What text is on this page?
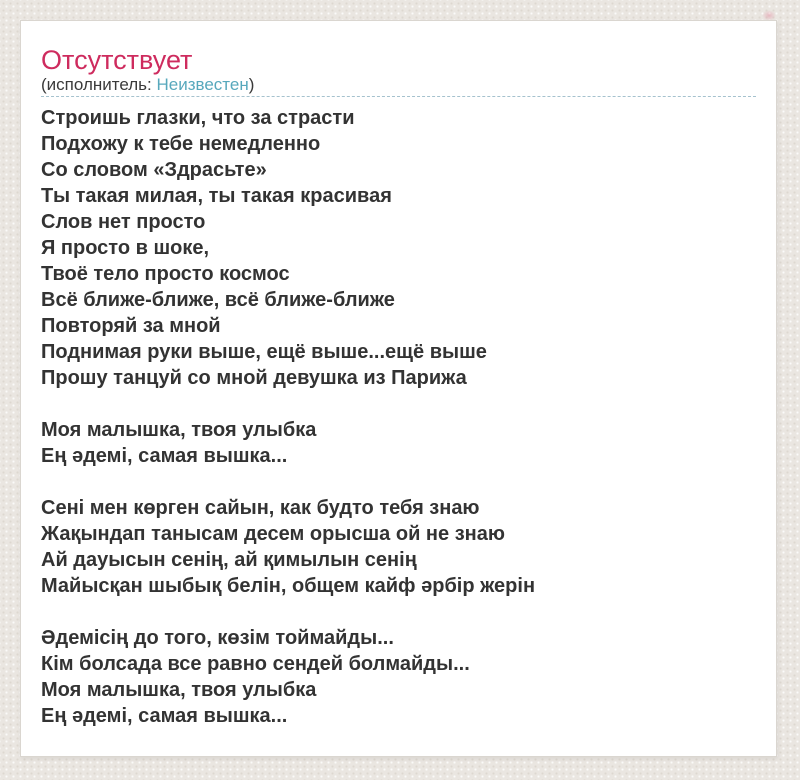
Отсутствует
(исполнитель: Неизвестен)
Строишь глазки, что за страсти
Подхожу к тебе немедленно
Со словом «Здрасьте»
Ты такая милая, ты такая красивая
Слов нет просто
Я просто в шоке,
Твоё тело просто космос
Всё ближе-ближе, всё ближе-ближе
Повторяй за мной
Поднимая руки выше, ещё выше...ещё выше
Прошу танцуй со мной девушка из Парижа
Моя малышка, твоя улыбка
Ең әдемі, самая вышка...
Сені мен көрген сайын, как будто тебя знаю
Жақындап танысам десем орысша ой не знаю
Ай дауысын сенің, ай қимылын сенің
Майысқан шыбық белін, общем кайф әрбір жерін
Әдемісің до того, көзім тоймайды...
Кім болсада все равно сендей болмайды...
Моя малышка, твоя улыбка
Ең әдемі, самая вышка...
